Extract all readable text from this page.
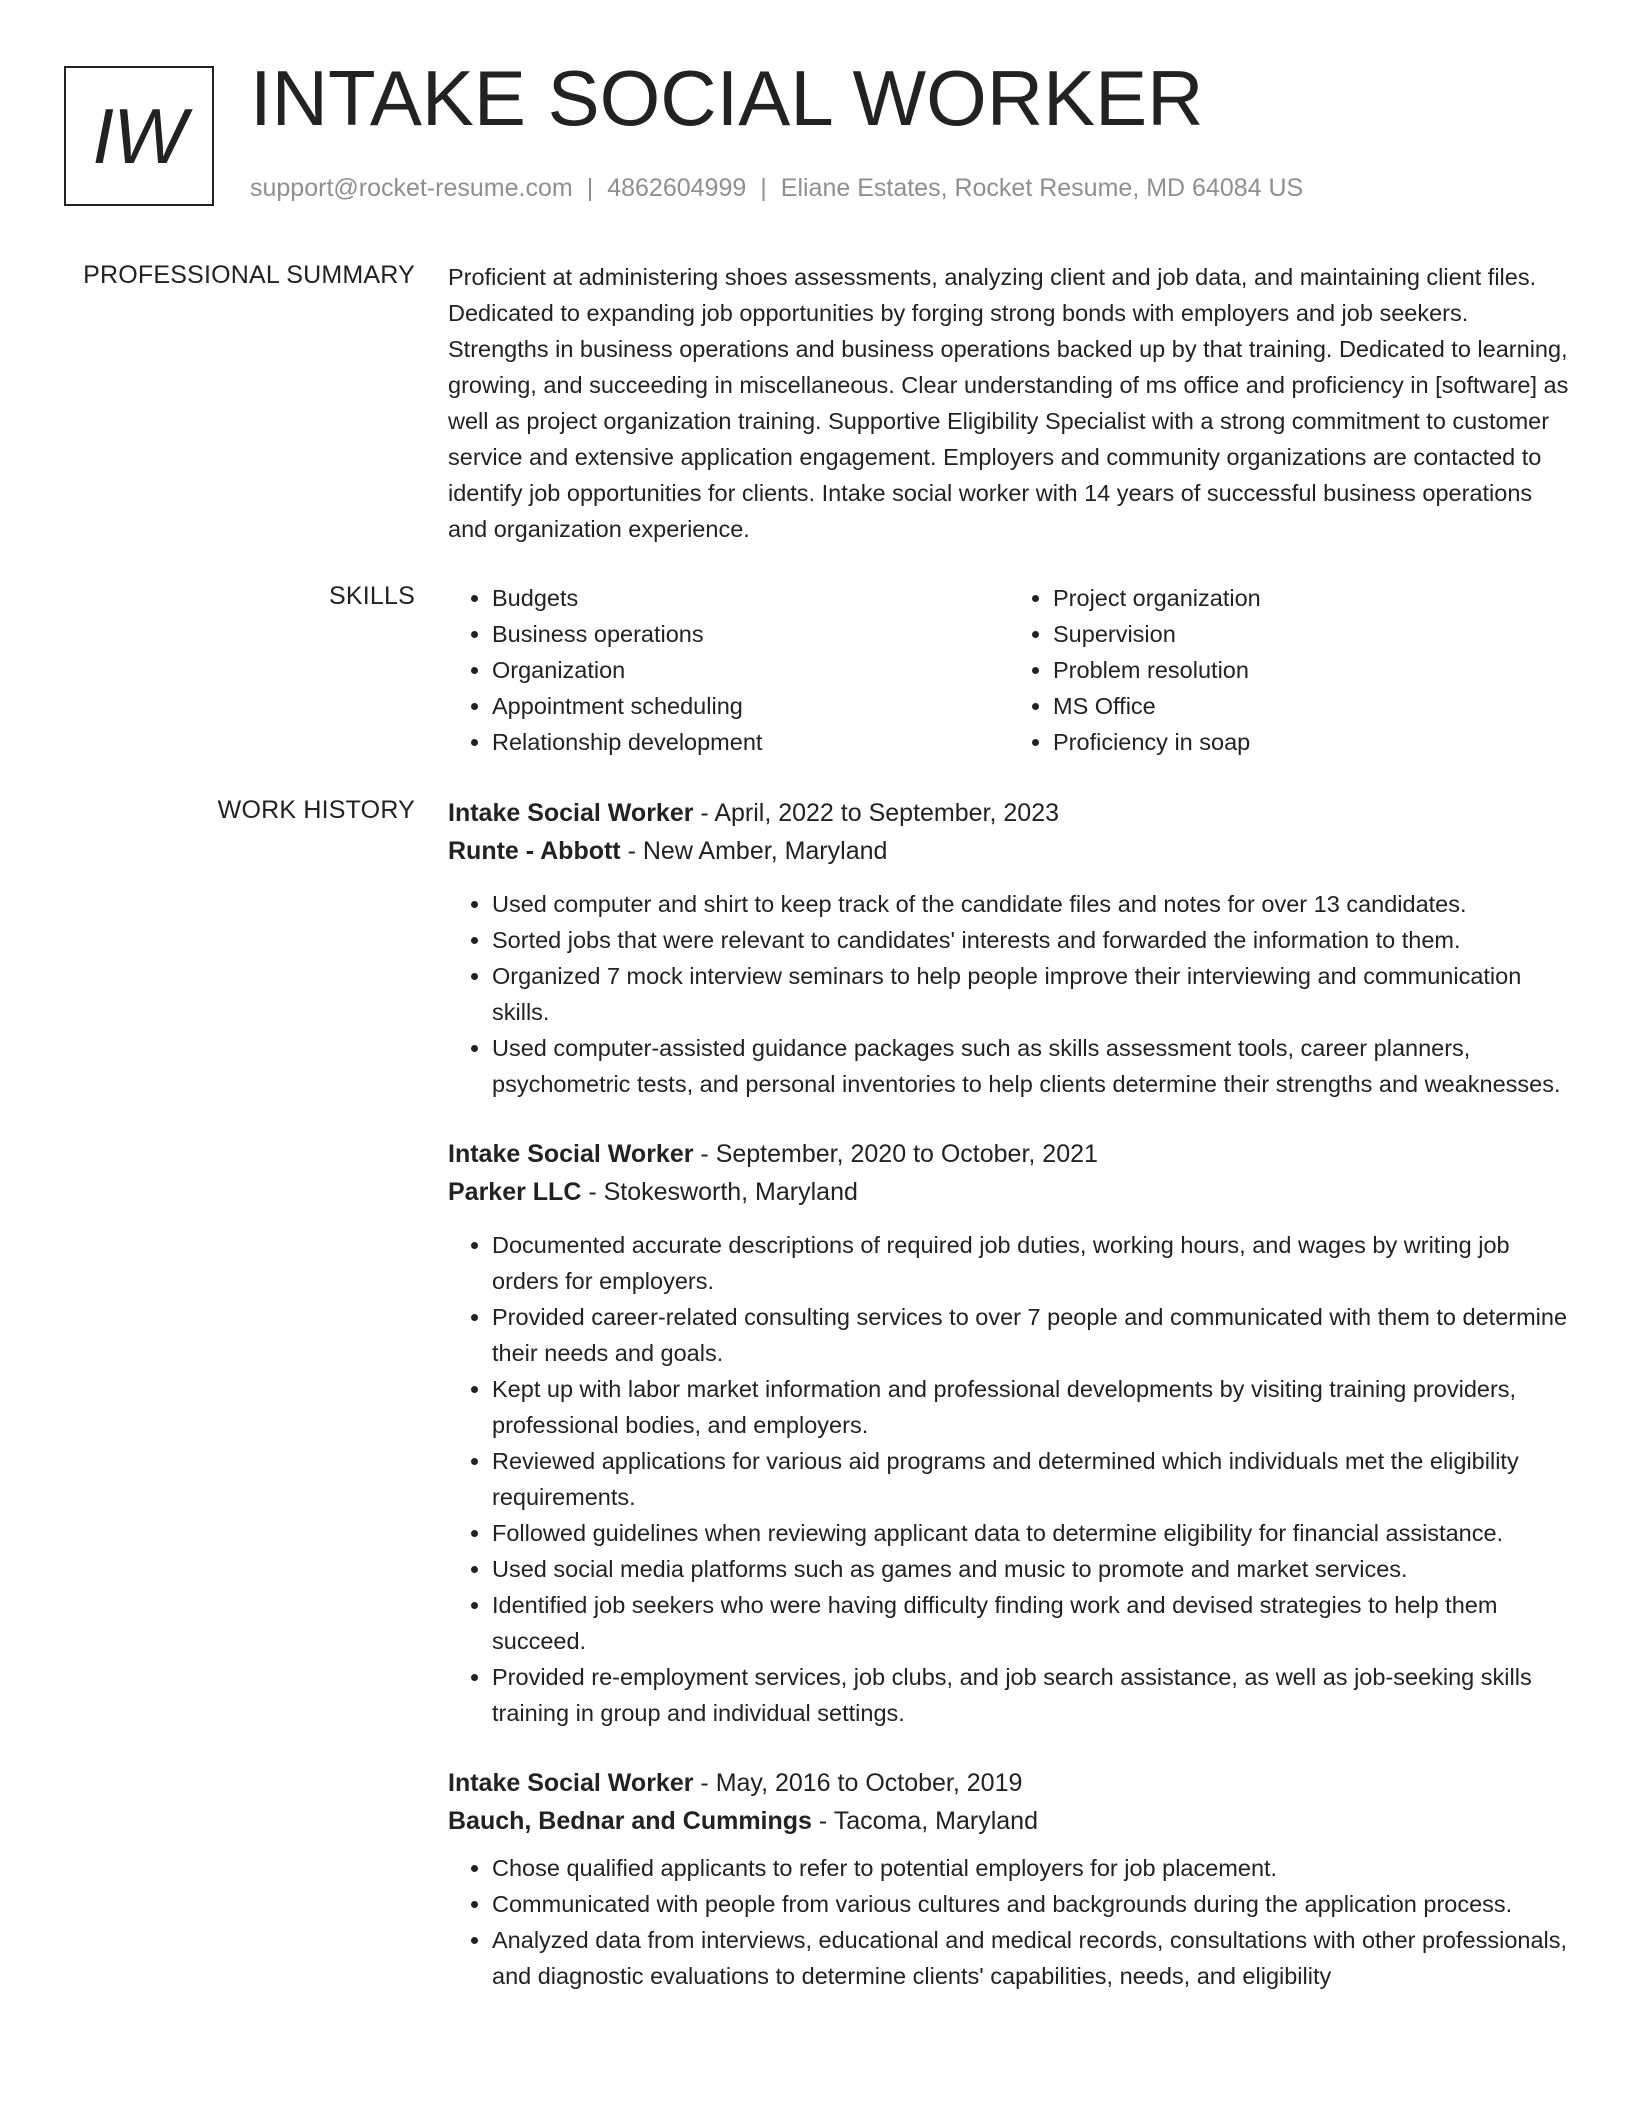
IW INTAKE SOCIAL WORKER
support@rocket-resume.com | 4862604999 | Eliane Estates, Rocket Resume, MD 64084 US
PROFESSIONAL SUMMARY Proficient at administering shoes assessments, analyzing client and job data, and maintaining client files. Dedicated to expanding job opportunities by forging strong bonds with employers and job seekers. Strengths in business operations and business operations backed up by that training. Dedicated to learning, growing, and succeeding in miscellaneous. Clear understanding of ms office and proficiency in [software] as well as project organization training. Supportive Eligibility Specialist with a strong commitment to customer service and extensive application engagement. Employers and community organizations are contacted to identify job opportunities for clients. Intake social worker with 14 years of successful business operations and organization experience.

SKILLS
•	Budgets
• Business operations
• Organization
• Appointment scheduling
• Relationship development
• Project organization
• Supervision
• Problem resolution
• MS Office
• Proficiency in soap
WORK HISTORY Intake Social Worker - April, 2022 to September, 2023
Runte - Abbott - New Amber, Maryland
• Used computer and shirt to keep track of the candidate files and notes for over 13 candidates.
• Sorted jobs that were relevant to candidates' interests and forwarded the information to them.
• Organized 7 mock interview seminars to help people improve their interviewing and communication skills.
• Used computer-assisted guidance packages such as skills assessment tools, career planners, psychometric tests, and personal inventories to help clients determine their strengths and weaknesses.
Intake Social Worker - September, 2020 to October, 2021
Parker LLC - Stokesworth, Maryland
• Documented accurate descriptions of required job duties, working hours, and wages by writing job orders for employers.
• Provided career-related consulting services to over 7 people and communicated with them to determine their needs and goals.
• Kept up with labor market information and professional developments by visiting training providers, professional bodies, and employers.
• Reviewed applications for various aid programs and determined which individuals met the eligibility requirements.
• Followed guidelines when reviewing applicant data to determine eligibility for financial assistance.
• Used social media platforms such as games and music to promote and market services.
• Identified job seekers who were having difficulty finding work and devised strategies to help them succeed.
• Provided re-employment services, job clubs, and job search assistance, as well as job-seeking skills training in group and individual settings.
Intake Social Worker - May, 2016 to October, 2019
Bauch, Bednar and Cummings - Tacoma, Maryland
• Chose qualified applicants to refer to potential employers for job placement.
• Communicated with people from various cultures and backgrounds during the application process.
• Analyzed data from interviews, educational and medical records, consultations with other professionals, and diagnostic evaluations to determine clients' capabilities, needs, and eligibility
